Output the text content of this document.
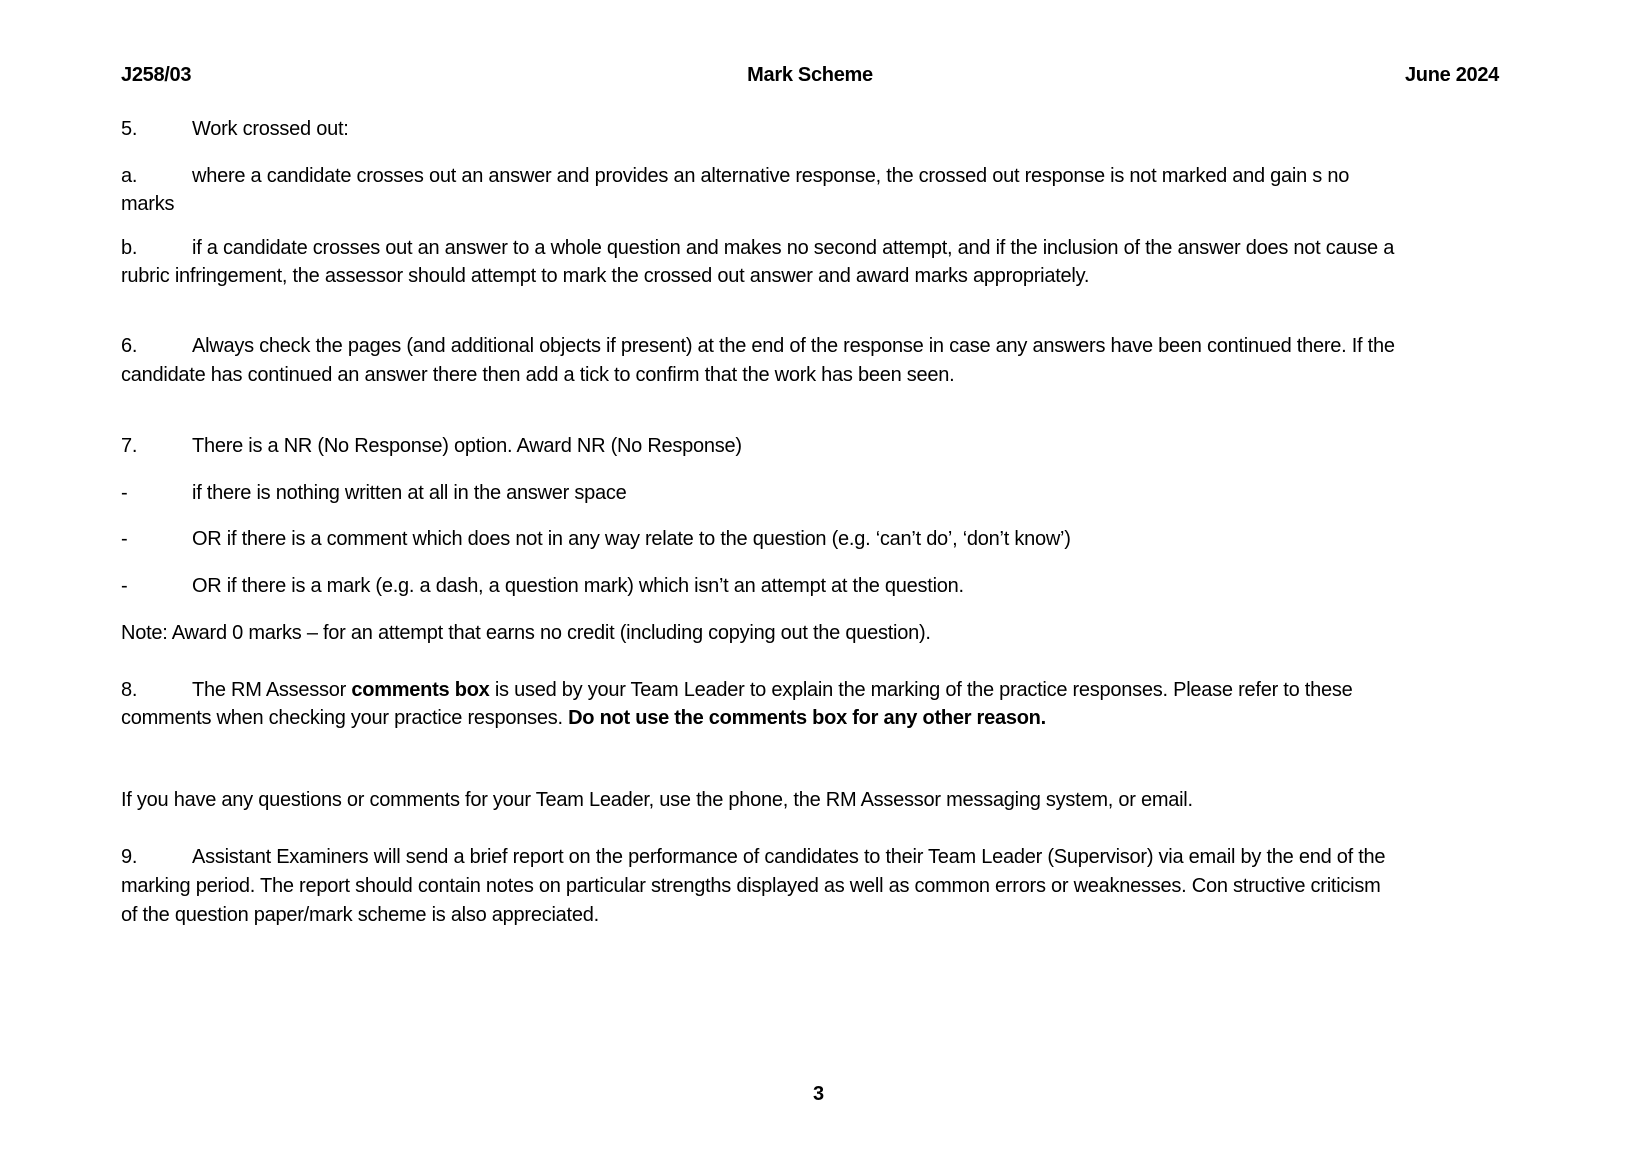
J258/03	Mark Scheme	June 2024

5.	Work crossed out:

a.	where a candidate crosses out an answer and provides an alternative response, the crossed out response is not marked and gain s no
marks

b.	if a candidate crosses out an answer to a whole question and makes no second attempt, and if the inclusion of the answer does not cause a
rubric infringement, the assessor should attempt to mark the crossed out answer and award marks appropriately.

6.	Always check the pages (and additional objects if present) at the end of the response in case any answers have been continued there. If the
candidate has continued an answer there then add a tick to confirm that the work has been seen.

7.	There is a NR (No Response) option. Award NR (No Response)

-	if there is nothing written at all in the answer space

-	OR if there is a comment which does not in any way relate to the question (e.g. ‘can’t do’, ‘don’t know’)

-	OR if there is a mark (e.g. a dash, a question mark) which isn’t an attempt at the question.

Note: Award 0 marks – for an attempt that earns no credit (including copying out the question).

8.	The RM Assessor comments box is used by your Team Leader to explain the marking of the practice responses. Please refer to these
comments when checking your practice responses. Do not use the comments box for any other reason.

If you have any questions or comments for your Team Leader, use the phone, the RM Assessor messaging system, or email.

9.	Assistant Examiners will send a brief report on the performance of candidates to their Team Leader (Supervisor) via email by the end of the
marking period. The report should contain notes on particular strengths displayed as well as common errors or weaknesses. Con structive criticism
of the question paper/mark scheme is also appreciated.

3
